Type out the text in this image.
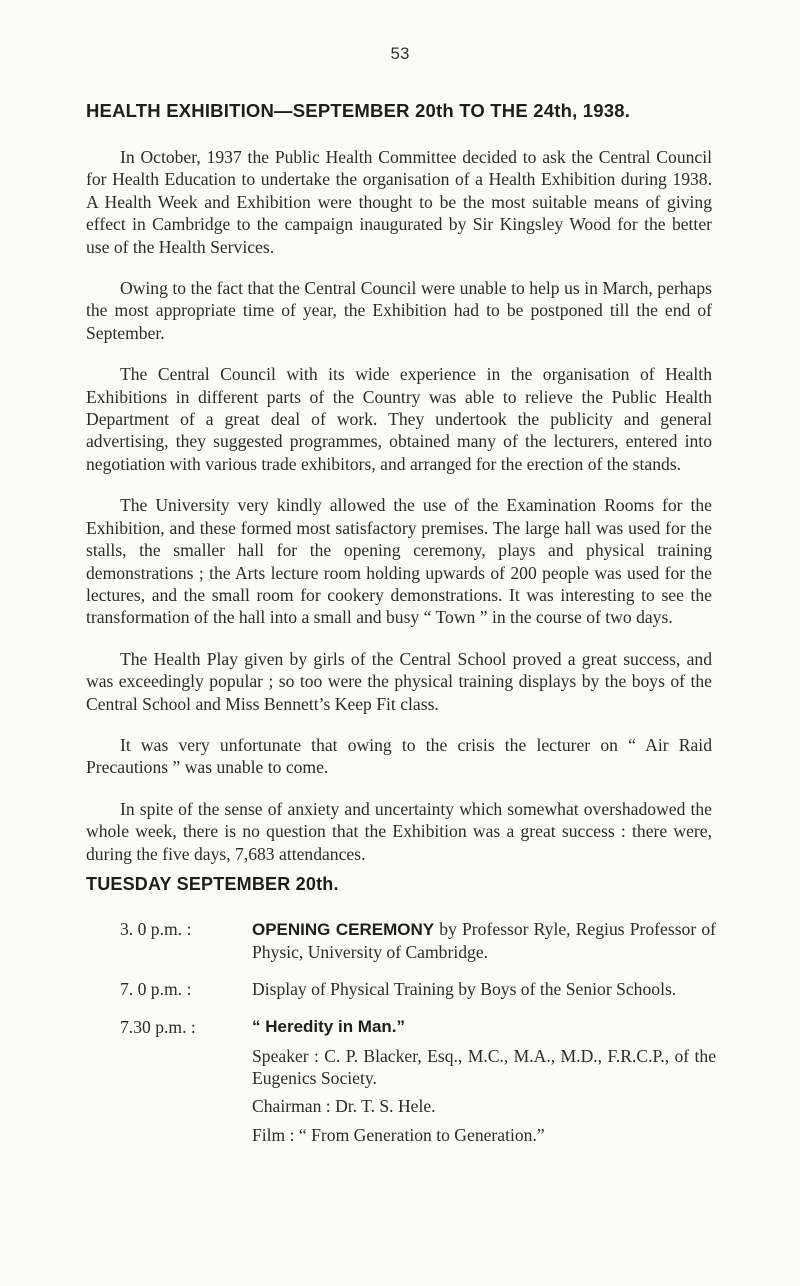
53
HEALTH EXHIBITION—SEPTEMBER 20th TO THE 24th, 1938.

In October, 1937 the Public Health Committee decided to ask the Central Council for Health Education to undertake the organisation of a Health Exhibition during 1938. A Health Week and Exhibition were thought to be the most suitable means of giving effect in Cambridge to the campaign inaugurated by Sir Kingsley Wood for the better use of the Health Services.

Owing to the fact that the Central Council were unable to help us in March, perhaps the most appropriate time of year, the Exhibition had to be postponed till the end of September.

The Central Council with its wide experience in the organisation of Health Exhibitions in different parts of the Country was able to relieve the Public Health Department of a great deal of work. They undertook the publicity and general advertising, they suggested programmes, obtained many of the lecturers, entered into negotiation with various trade exhibitors, and arranged for the erection of the stands.

The University very kindly allowed the use of the Examination Rooms for the Exhibition, and these formed most satisfactory premises. The large hall was used for the stalls, the smaller hall for the opening ceremony, plays and physical training demonstrations ; the Arts lecture room holding upwards of 200 people was used for the lectures, and the small room for cookery demonstrations. It was interesting to see the transformation of the hall into a small and busy “ Town ” in the course of two days.

The Health Play given by girls of the Central School proved a great success, and was exceedingly popular ; so too were the physical training displays by the boys of the Central School and Miss Bennett’s Keep Fit class.

It was very unfortunate that owing to the crisis the lecturer on “ Air Raid Precautions ” was unable to come.

In spite of the sense of anxiety and uncertainty which somewhat overshadowed the whole week, there is no question that the Exhibition was a great success : there were, during the five days, 7,683 attendances.

TUESDAY SEPTEMBER 20th.
3. 0 p.m. :	OPENING CEREMONY by Professor Ryle, Regius Professor of Physic, University of Cambridge.
7. 0 p.m. :	Display of Physical Training by Boys of the Senior Schools.
7.30 p.m. :	“ Heredity in Man.”
Speaker : C. P. Blacker, Esq., M.C., M.A., M.D., F.R.C.P., of the Eugenics Society.
Chairman : Dr. T. S. Hele.
Film : “ From Generation to Generation.”
